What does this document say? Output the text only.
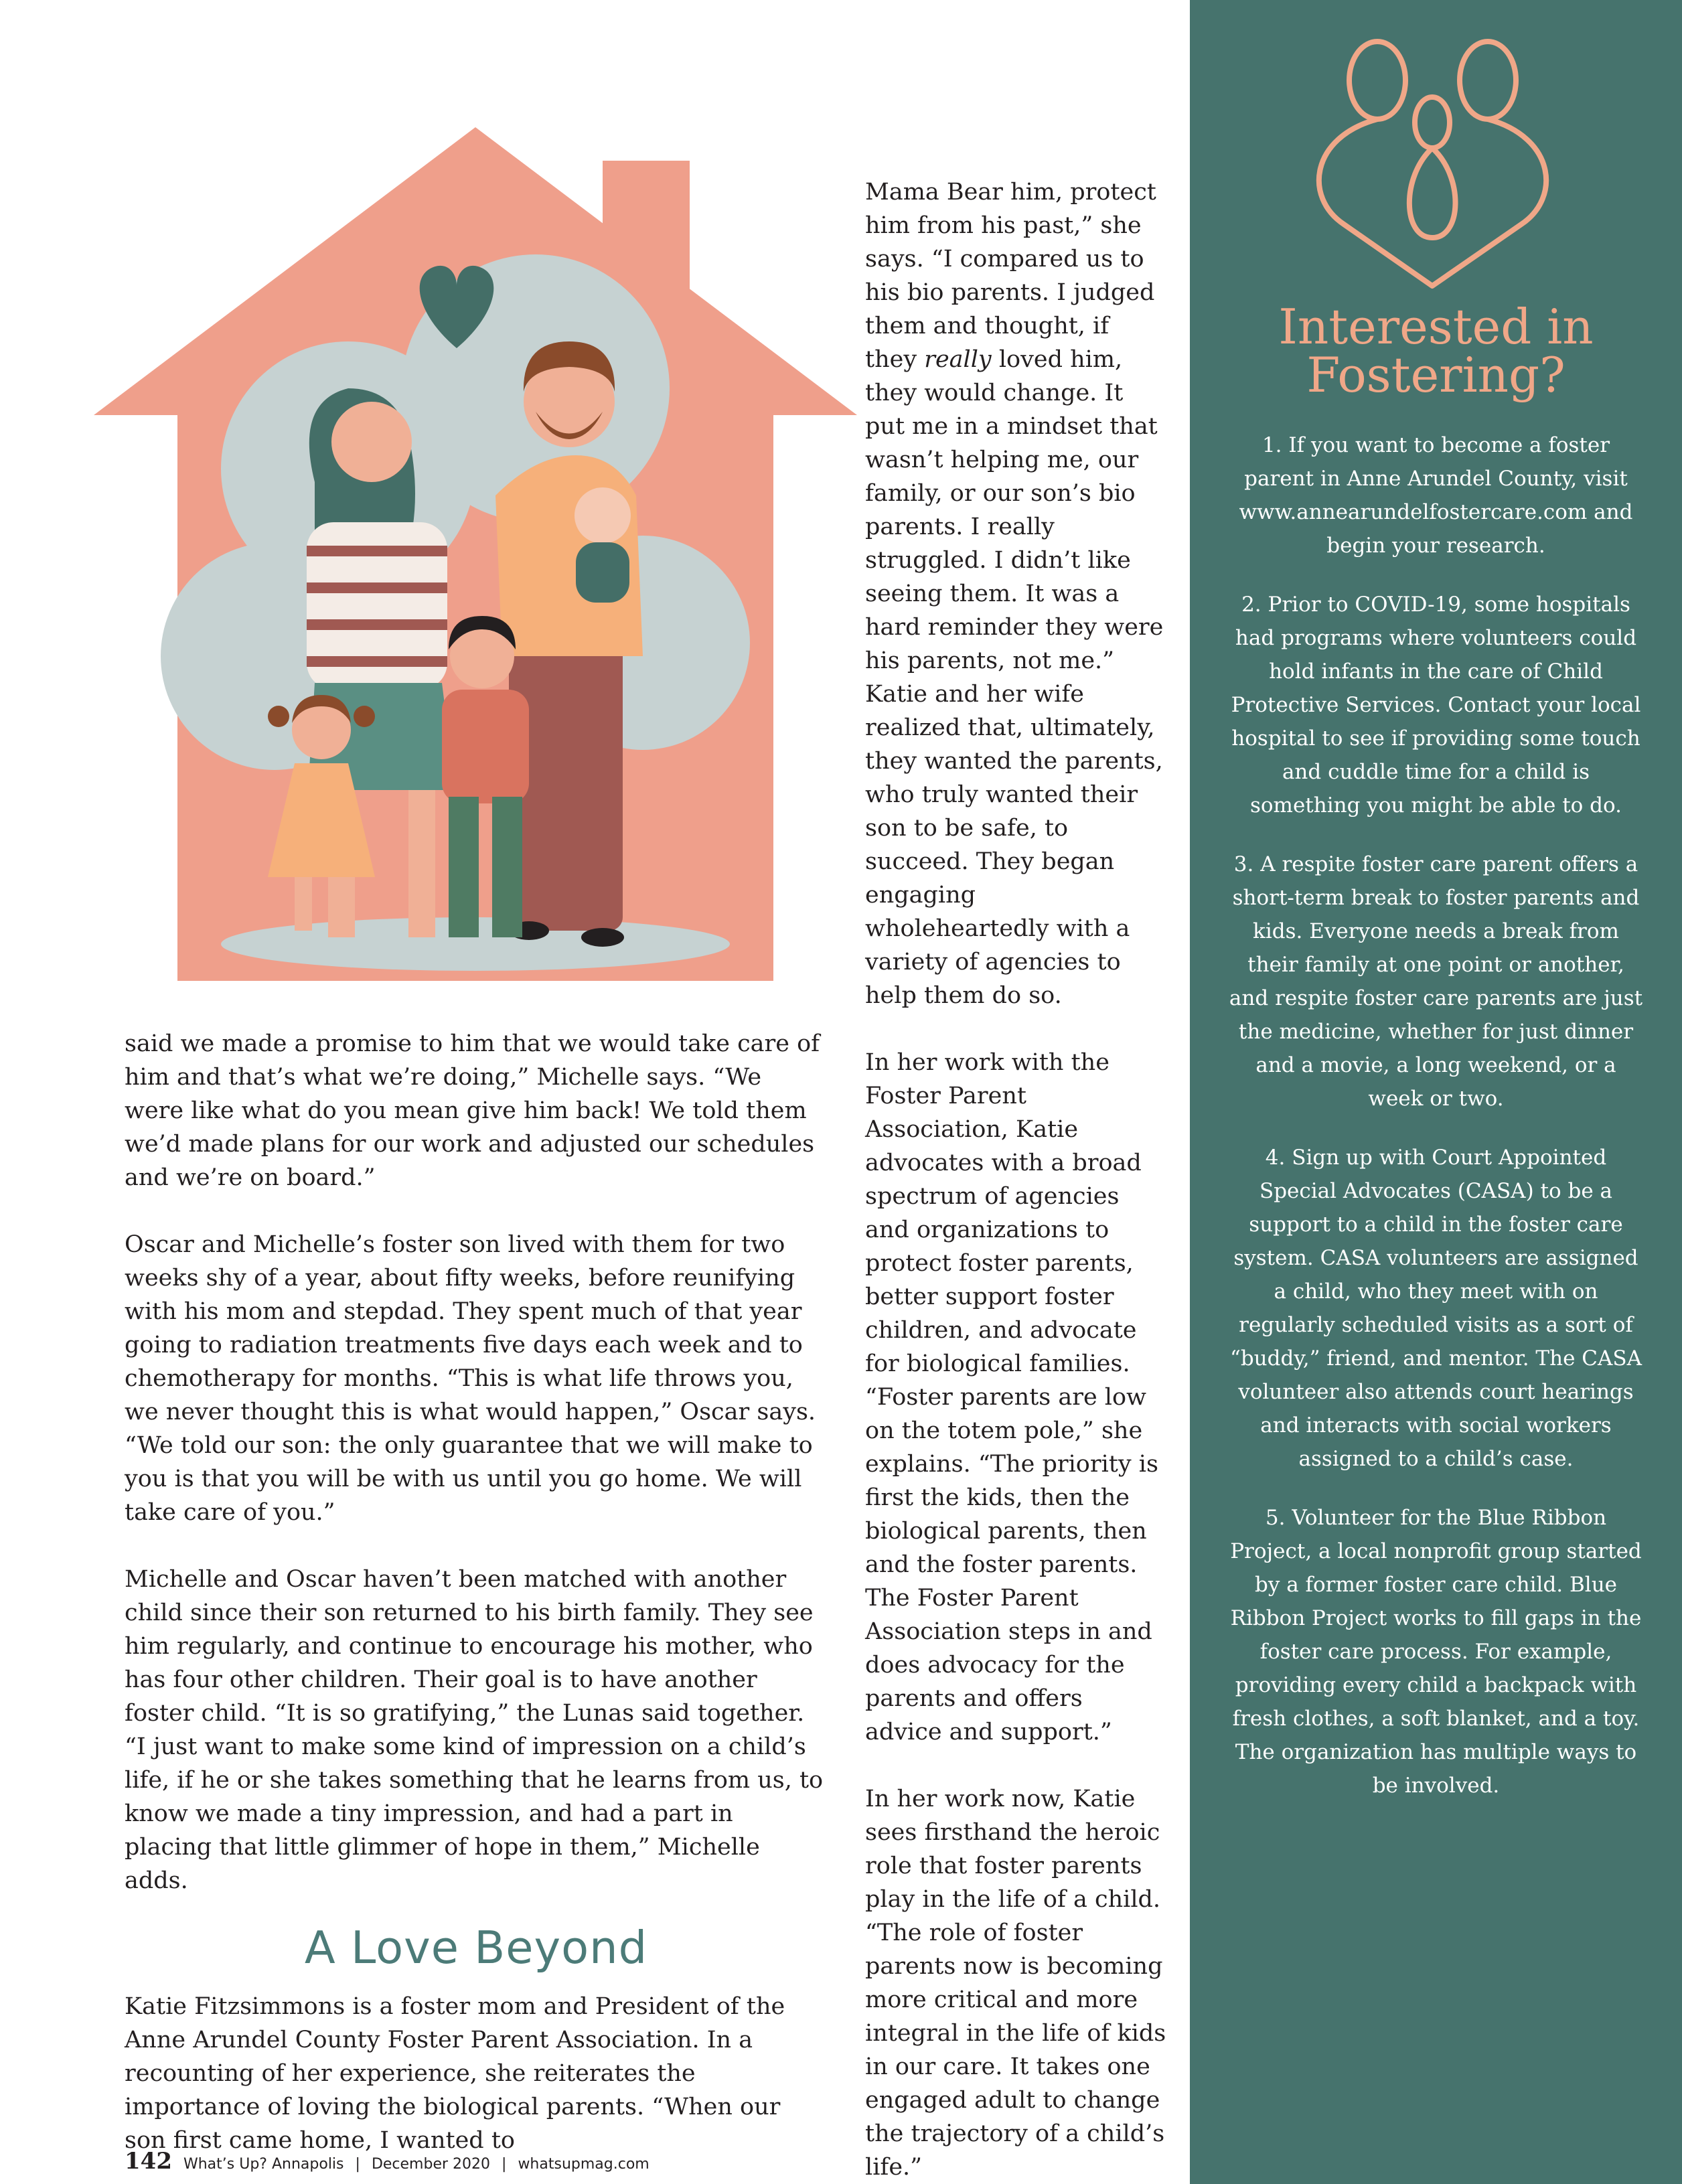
said we made a promise to him that we would take care of him and that’s what we’re doing,” Michelle says. “We were like what do you mean give him back! We told them we’d made plans for our work and adjusted our schedules and we’re on board.”

Oscar and Michelle’s foster son lived with them for two weeks shy of a year, about fifty weeks, before reunifying with his mom and stepdad. They spent much of that year going to radiation treatments five days each week and to chemotherapy for months. “This is what life throws you, we never thought this is what would happen,” Oscar says. “We told our son: the only guarantee that we will make to you is that you will be with us until you go home. We will take care of you.”

Michelle and Oscar haven’t been matched with another child since their son returned to his birth family. They see him regularly, and continue to encourage his mother, who has four other children. Their goal is to have another foster child. “It is so gratifying,” the Lunas said together. “I just want to make some kind of impression on a child’s life, if he or she takes something that he learns from us, to know we made a tiny impression, and had a part in placing that little glimmer of hope in them,” Michelle adds.

A Love Beyond

Katie Fitzsimmons is a foster mom and President of the Anne Arundel County Foster Parent Association. In a recounting of her experience, she reiterates the importance of loving the biological parents. “When our son first came home, I wanted to

Mama Bear him, protect him from his past,” she says. “I compared us to his bio parents. I judged them and thought, if they really loved him, they would change. It put me in a mindset that wasn’t helping me, our family, or our son’s bio parents. I really struggled. I didn’t like seeing them. It was a hard reminder they were his parents, not me.” Katie and her wife realized that, ultimately, they wanted the parents, who truly wanted their son to be safe, to succeed. They began engaging wholeheartedly with a variety of agencies to help them do so.

In her work with the Foster Parent Association, Katie advocates with a broad spectrum of agencies and organizations to protect foster parents, better support foster children, and advocate for biological families. “Foster parents are low on the totem pole,” she explains. “The priority is first the kids, then the biological parents, then and the foster parents. The Foster Parent Association steps in and does advocacy for the parents and offers advice and support.”

In her work now, Katie sees firsthand the heroic role that foster parents play in the life of a child. “The role of foster parents now is becoming more critical and more integral in the life of kids in our care. It takes one engaged adult to change the trajectory of a child’s life.”

Interested in
Fostering?

1. If you want to become a foster parent in Anne Arundel County, visit www.annearundelfostercare.com and begin your research.

2. Prior to COVID-19, some hospitals had programs where volunteers could hold infants in the care of Child Protective Services. Contact your local hospital to see if providing some touch and cuddle time for a child is something you might be able to do.

3. A respite foster care parent offers a short-term break to foster parents and kids. Everyone needs a break from their family at one point or another, and respite foster care parents are just the medicine, whether for just dinner and a movie, a long weekend, or a week or two.

4. Sign up with Court Appointed Special Advocates (CASA) to be a support to a child in the foster care system. CASA volunteers are assigned a child, who they meet with on regularly scheduled visits as a sort of “buddy,” friend, and mentor. The CASA volunteer also attends court hearings and interacts with social workers assigned to a child’s case.

5. Volunteer for the Blue Ribbon Project, a local nonprofit group started by a former foster care child. Blue Ribbon Project works to fill gaps in the foster care process. For example, providing every child a backpack with fresh clothes, a soft blanket, and a toy. The organization has multiple ways to be involved.

142 What’s Up? Annapolis | December 2020 | whatsupmag.com
